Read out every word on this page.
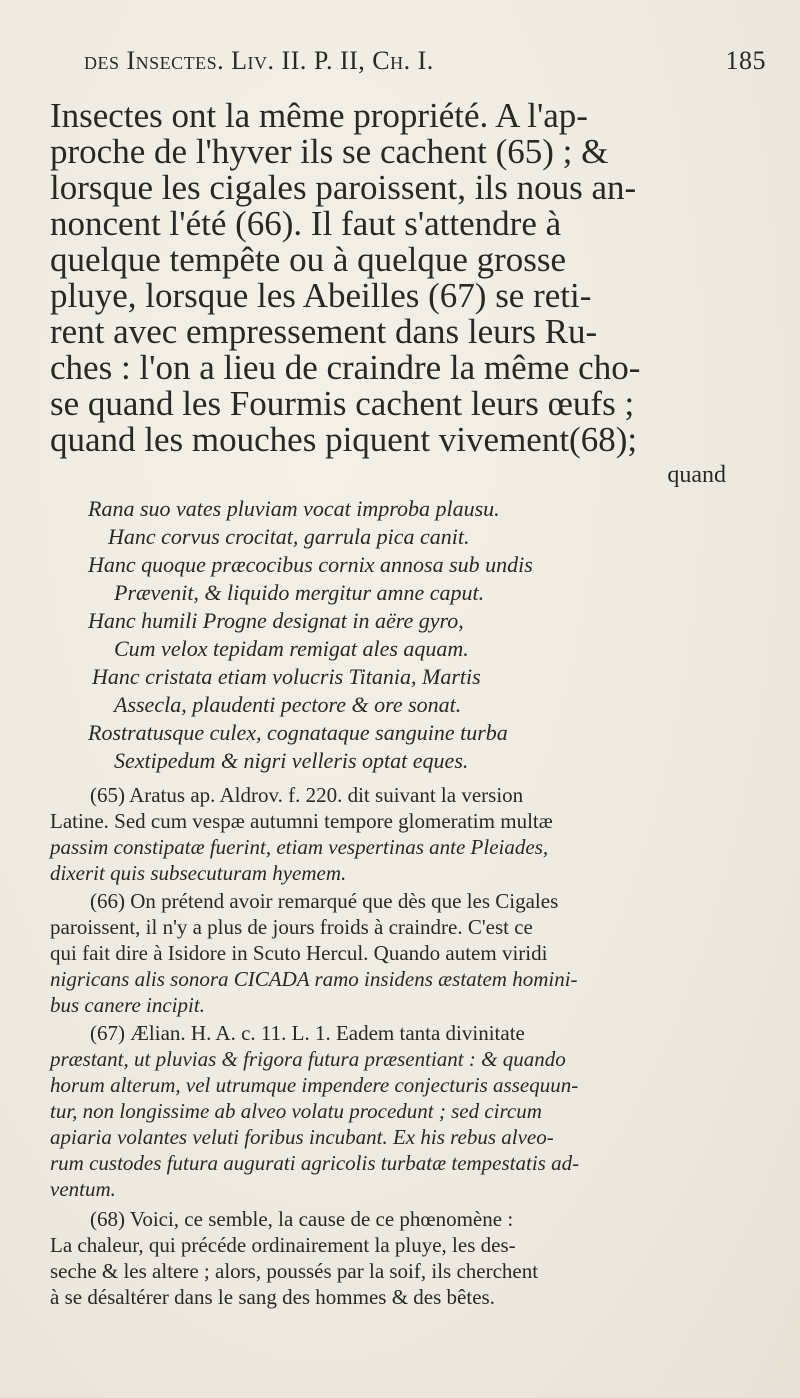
des Insectes. Liv. II. P. II, Ch. I.	185
Insectes ont la même propriété. A l'ap-
proche de l'hyver ils se cachent (65) ; &
lorsque les cigales paroissent, ils nous an-
noncent l'été (66). Il faut s'attendre à
quelque tempête ou à quelque grosse
pluye, lorsque les Abeilles (67) se reti-
rent avec empressement dans leurs Ru-
ches : l'on a lieu de craindre la même cho-
se quand les Fourmis cachent leurs œufs ;
quand les mouches piquent vivement(68);
quand
Rana suo vates pluviam vocat improba plausu.
Hanc corvus crocitat, garrula pica canit.
Hanc quoque præcocibus cornix annosa sub undis
Prævenit, & liquido mergitur amne caput.
Hanc humili Progne designat in aëre gyro,
Cum velox tepidam remigat ales aquam.
Hanc cristata etiam volucris Titania, Martis
Assecla, plaudenti pectore & ore sonat.
Rostratusque culex, cognataque sanguine turba
Sextipedum & nigri velleris optat eques.
(65) Aratus ap. Aldrov. f. 220. dit suivant la version
Latine. Sed cum vespæ autumni tempore glomeratim multæ
passim constipatæ fuerint, etiam vespertinas ante Pleiades,
dixerit quis subsecuturam hyemem.
(66) On prétend avoir remarqué que dès que les Cigales
paroissent, il n'y a plus de jours froids à craindre. C'est ce
qui fait dire à Isidore in Scuto Hercul. Quando autem viridi
nigricans alis sonora CICADA ramo insidens æstatem homini-
bus canere incipit.
(67) Ælian. H. A. c. 11. L. 1. Eadem tanta divinitate
præstant, ut pluvias & frigora futura præsentiant : & quando
horum alterum, vel utrumque impendere conjecturis assequun-
tur, non longissime ab alveo volatu procedunt ; sed circum
apiaria volantes veluti foribus incubant. Ex his rebus alveo-
rum custodes futura augurati agricolis turbatæ tempestatis ad-
ventum.
(68) Voici, ce semble, la cause de ce phœnomène :
La chaleur, qui précéde ordinairement la pluye, les des-
seche & les altere ; alors, poussés par la soif, ils cherchent
à se désaltérer dans le sang des hommes & des bêtes.
